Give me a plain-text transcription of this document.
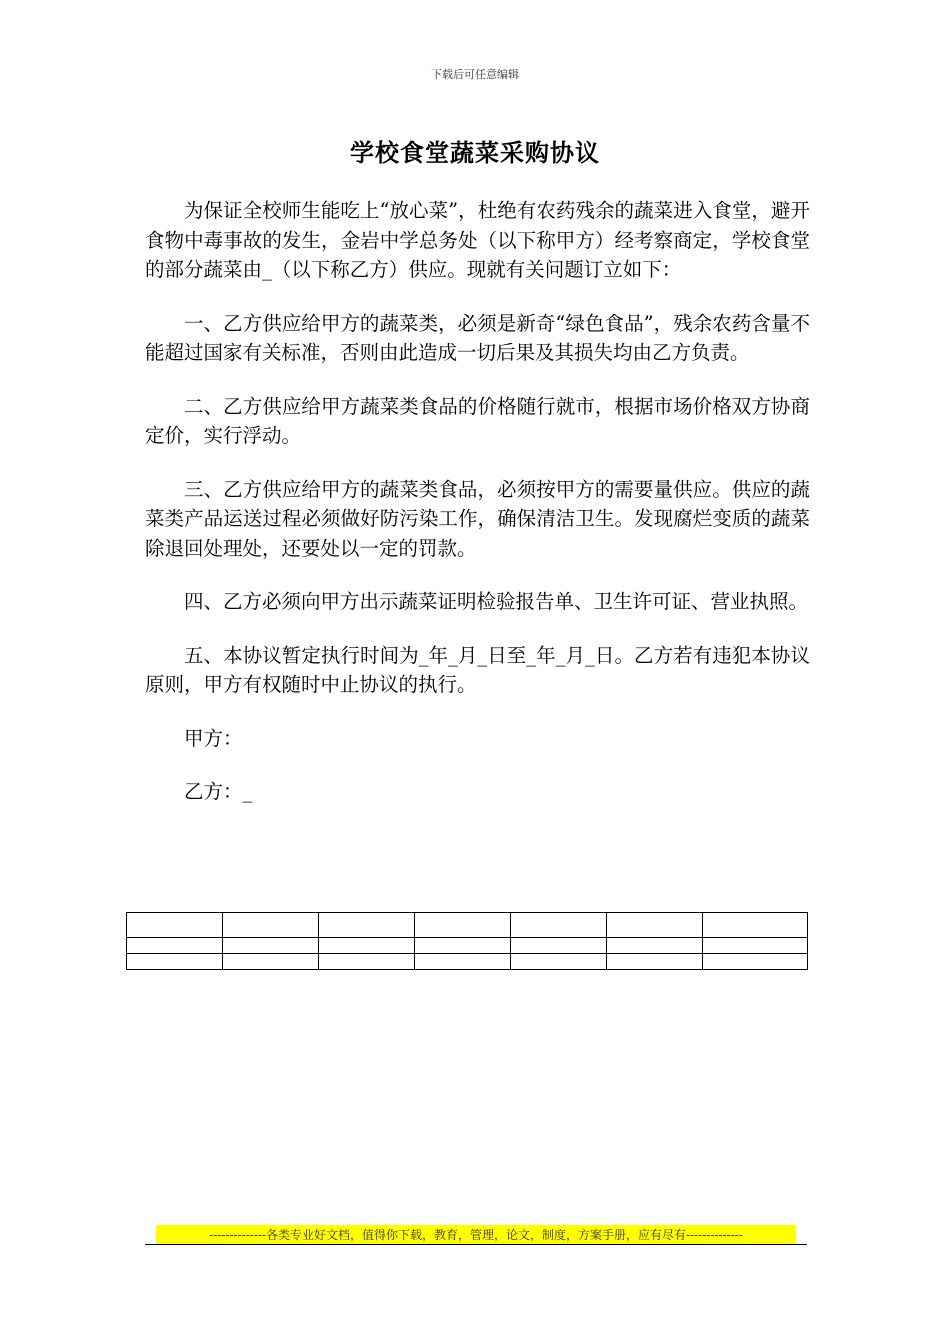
下载后可任意编辑
学校食堂蔬菜采购协议

为保证全校师生能吃上“放心菜”，杜绝有农药残余的蔬菜进入食堂，避开食物中毒事故的发生，金岩中学总务处（以下称甲方）经考察商定，学校食堂的部分蔬菜由_（以下称乙方）供应。现就有关问题订立如下：

一、乙方供应给甲方的蔬菜类，必须是新奇“绿色食品”，残余农药含量不能超过国家有关标准，否则由此造成一切后果及其损失均由乙方负责。

二、乙方供应给甲方蔬菜类食品的价格随行就市，根据市场价格双方协商定价，实行浮动。

三、乙方供应给甲方的蔬菜类食品，必须按甲方的需要量供应。供应的蔬菜类产品运送过程必须做好防污染工作，确保清洁卫生。发现腐烂变质的蔬菜除退回处理处，还要处以一定的罚款。

四、乙方必须向甲方出示蔬菜证明检验报告单、卫生许可证、营业执照。

五、本协议暂定执行时间为_年_月_日至_年_月_日。乙方若有违犯本协议原则，甲方有权随时中止协议的执行。

甲方：

乙方：_

--------------各类专业好文档，值得你下载，教育，管理，论文，制度，方案手册，应有尽有--------------
